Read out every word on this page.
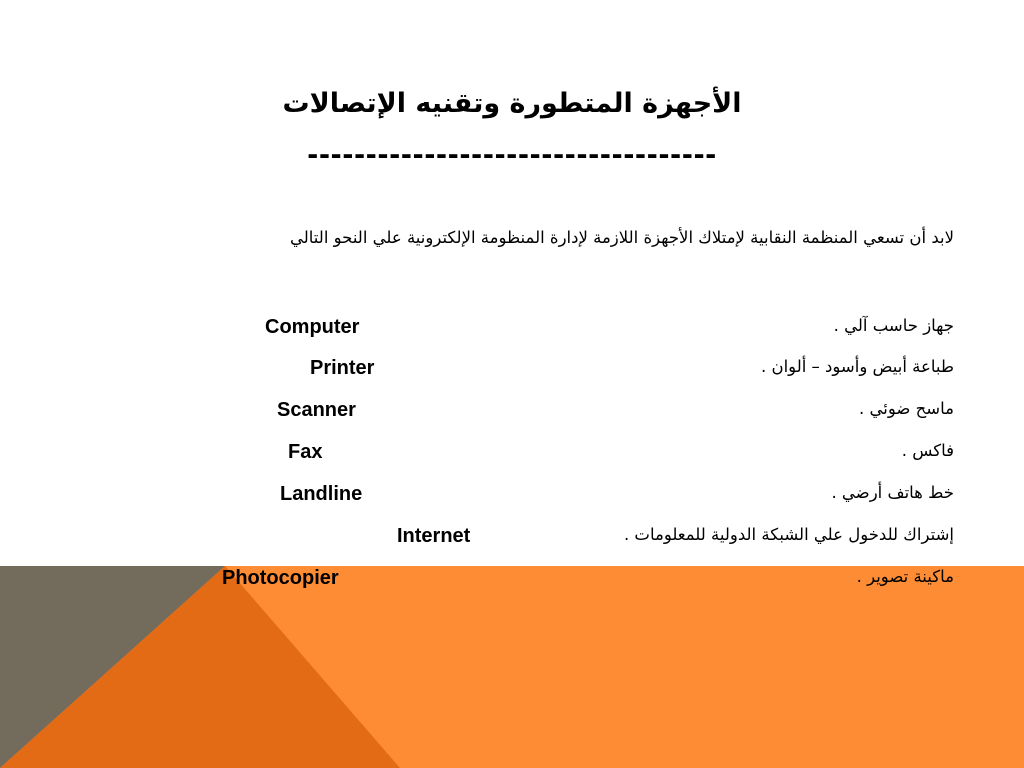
الأجهزة المتطورة وتقنيه الإتصالات
-----------------------------------
لابد أن تسعي المنظمة النقابية لإمتلاك الأجهزة اللازمة لإدارة المنظومة الإلكترونية علي النحو التالي
جهاز حاسب آلي .
Computer
طباعة أبيض وأسود – ألوان .
Printer
ماسح ضوئي .
Scanner
فاكس .
Fax
خط هاتف أرضي .
Landline
إشتراك للدخول علي الشبكة الدولية للمعلومات .
Internet
ماكينة تصوير .
Photocopier
